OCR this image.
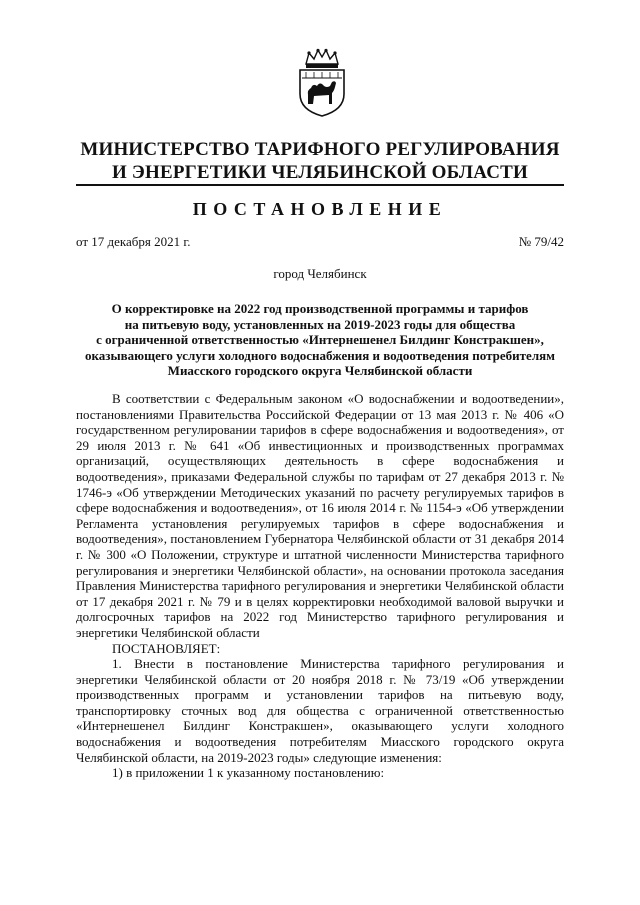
МИНИСТЕРСТВО ТАРИФНОГО РЕГУЛИРОВАНИЯ
И ЭНЕРГЕТИКИ ЧЕЛЯБИНСКОЙ ОБЛАСТИ
ПОСТАНОВЛЕНИЕ
от 17 декабря 2021 г.	№ 79/42
город Челябинск
О корректировке на 2022 год производственной программы и тарифов
на питьевую воду, установленных на 2019-2023 годы для общества
с ограниченной ответственностью «Интернешенел Билдинг Констракшен»,
оказывающего услуги холодного водоснабжения и водоотведения потребителям
Миасского городского округа Челябинской области

В соответствии с Федеральным законом «О водоснабжении и водоотведении», постановлениями Правительства Российской Федерации от 13 мая 2013 г. № 406 «О государственном регулировании тарифов в сфере водоснабжения и водоотведения», от 29 июля 2013 г. № 641 «Об инвестиционных и производственных программах организаций, осуществляющих деятельность в сфере водоснабжения и водоотведения», приказами Федеральной службы по тарифам от 27 декабря 2013 г. № 1746-э «Об утверждении Методических указаний по расчету регулируемых тарифов в сфере водоснабжения и водоотведения», от 16 июля 2014 г. № 1154-э «Об утверждении Регламента установления регулируемых тарифов в сфере водоснабжения и водоотведения», постановлением Губернатора Челябинской области от 31 декабря 2014 г. № 300 «О Положении, структуре и штатной численности Министерства тарифного регулирования и энергетики Челябинской области», на основании протокола заседания Правления Министерства тарифного регулирования и энергетики Челябинской области от 17 декабря 2021 г. № 79 и в целях корректировки необходимой валовой выручки и долгосрочных тарифов на 2022 год Министерство тарифного регулирования и энергетики Челябинской области

ПОСТАНОВЛЯЕТ:

1. Внести в постановление Министерства тарифного регулирования и энергетики Челябинской области от 20 ноября 2018 г. № 73/19 «Об утверждении производственных программ и установлении тарифов на питьевую воду, транспортировку сточных вод для общества с ограниченной ответственностью «Интернешенел Билдинг Констракшен», оказывающего услуги холодного водоснабжения и водоотведения потребителям Миасского городского округа Челябинской области, на 2019-2023 годы» следующие изменения:

1) в приложении 1 к указанному постановлению:
